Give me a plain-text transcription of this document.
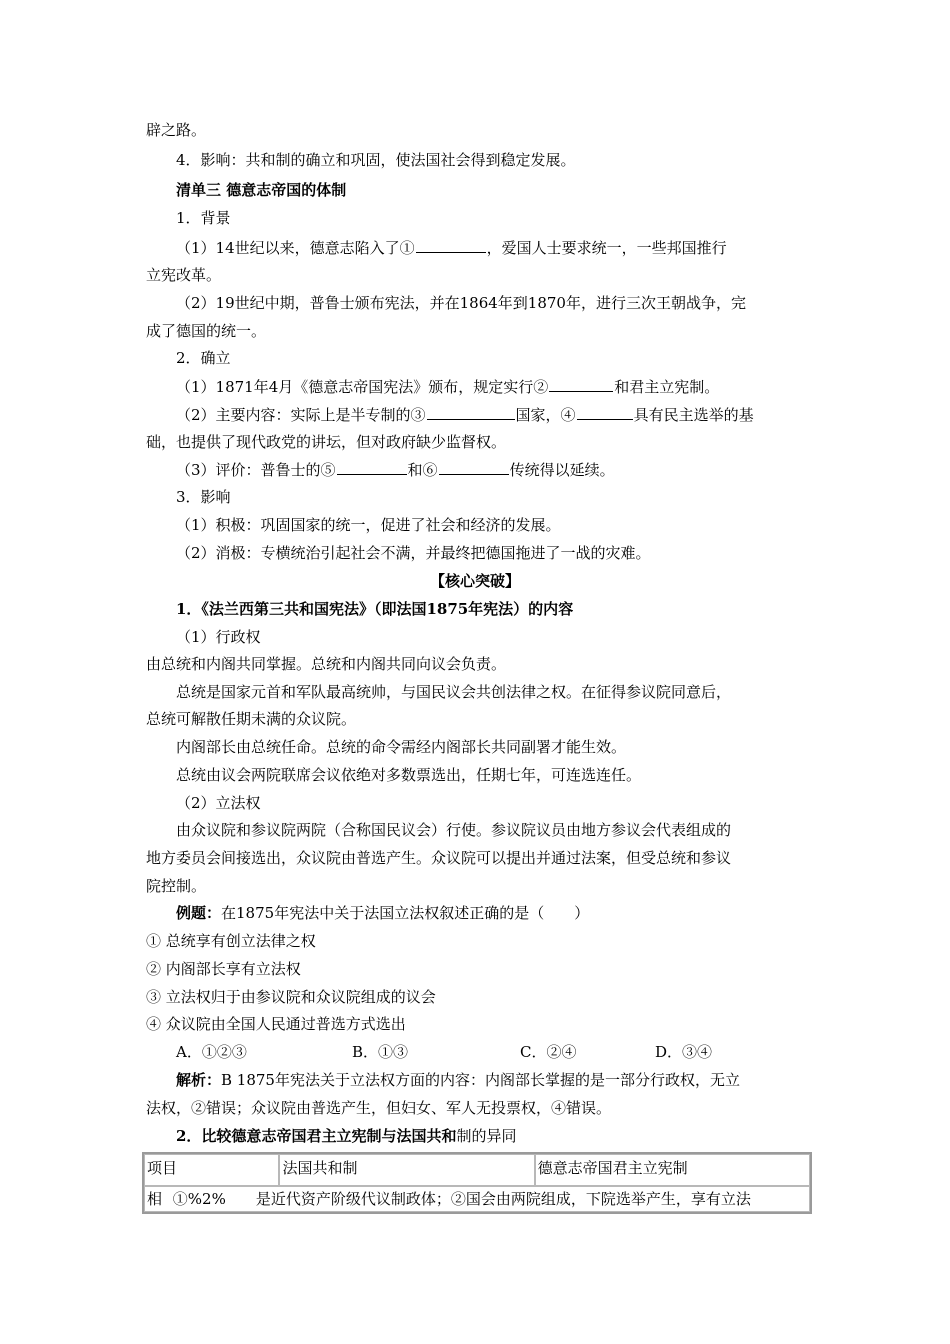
辟之路。
4．影响：共和制的确立和巩固，使法国社会得到稳定发展。
清单三 德意志帝国的体制
1．背景
（1）14世纪以来，德意志陷入了①	，爱国人士要求统一，一些邦国推行
立宪改革。
（2）19世纪中期，普鲁士颁布宪法，并在1864年到1870年，进行三次王朝战争，完
成了德国的统一。
2．确立
（1）1871年4月《德意志帝国宪法》颁布，规定实行②	和君主立宪制。
（2）主要内容：实际上是半专制的③	国家，④	具有民主选举的基
础，也提供了现代政党的讲坛，但对政府缺少监督权。
（3）评价：普鲁士的⑤	和⑥	传统得以延续。
3．影响
（1）积极：巩固国家的统一，促进了社会和经济的发展。
（2）消极：专横统治引起社会不满，并最终把德国拖进了一战的灾难。
【核心突破】
1．《法兰西第三共和国宪法》（即法国1875年宪法）的内容
（1）行政权
由总统和内阁共同掌握。总统和内阁共同向议会负责。
总统是国家元首和军队最高统帅，与国民议会共创法律之权。在征得参议院同意后，
总统可解散任期未满的众议院。
内阁部长由总统任命。总统的命令需经内阁部长共同副署才能生效。
总统由议会两院联席会议依绝对多数票选出，任期七年，可连选连任。
（2）立法权
由众议院和参议院两院（合称国民议会）行使。参议院议员由地方参议会代表组成的
地方委员会间接选出，众议院由普选产生。众议院可以提出并通过法案，但受总统和参议
院控制。
例题：在1875年宪法中关于法国立法权叙述正确的是（　　）
① 总统享有创立法律之权
② 内阁部长享有立法权
③ 立法权归于由参议院和众议院组成的议会
④ 众议院由全国人民通过普选方式选出
A．①②③	B．①③	C．②④	D．③④
解析：B 1875年宪法关于立法权方面的内容：内阁部长掌握的是一部分行政权，无立
法权，②错误；众议院由普选产生，但妇女、军人无投票权，④错误。
2．比较德意志帝国君主立宪制与法国共和制的异同
项目	法国共和制	德意志帝国君主立宪制
相 ①%2%　　是近代资产阶级代议制政体；②国会由两院组成，下院选举产生，享有立法
